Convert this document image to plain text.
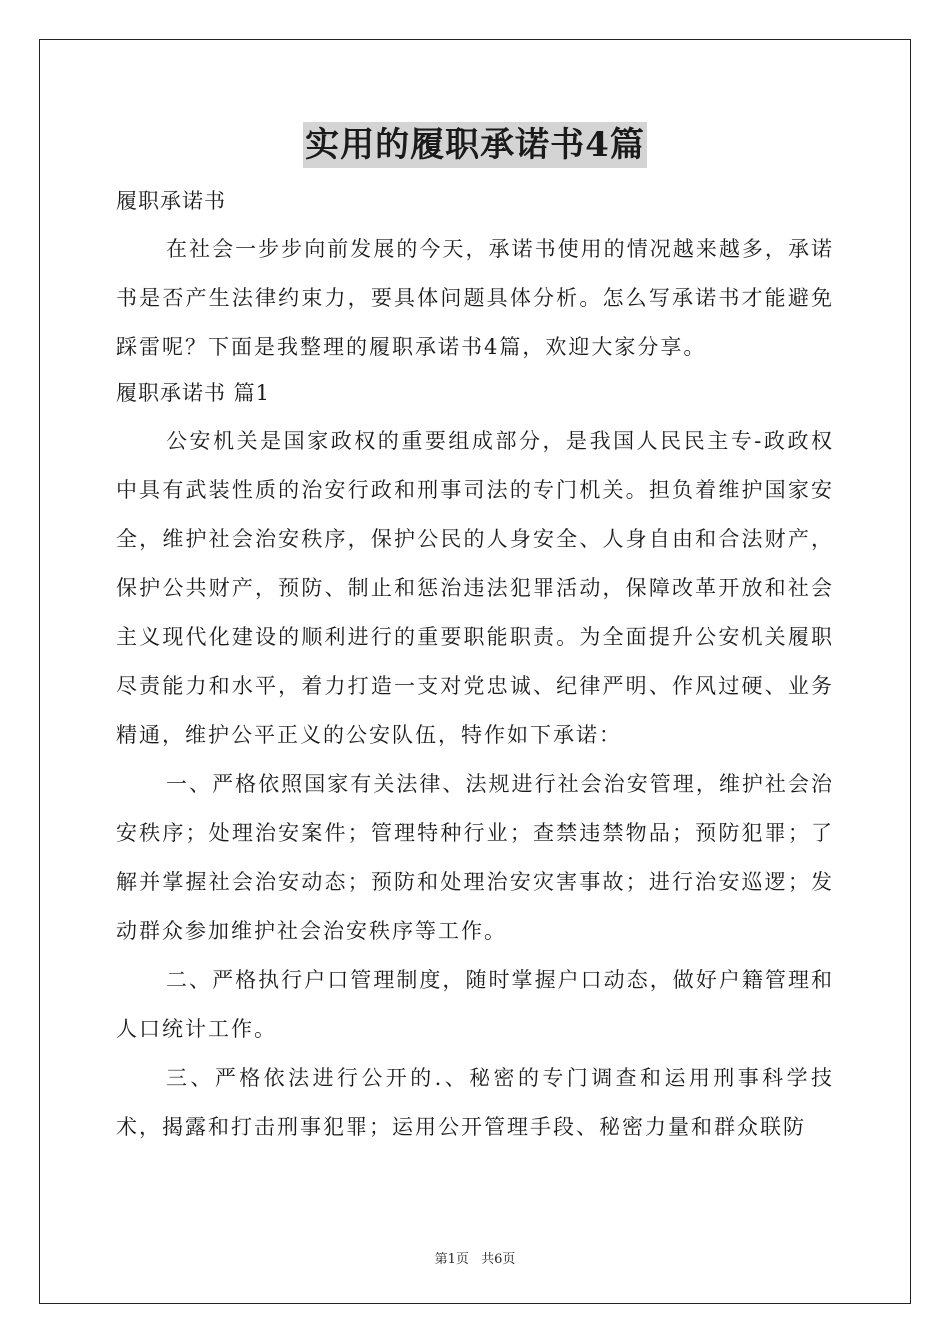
实用的履职承诺书4篇

履职承诺书

在社会一步步向前发展的今天，承诺书使用的情况越来越多，承诺书是否产生法律约束力，要具体问题具体分析。怎么写承诺书才能避免踩雷呢？下面是我整理的履职承诺书4篇，欢迎大家分享。

履职承诺书 篇1

公安机关是国家政权的重要组成部分，是我国人民民主专-政政权中具有武装性质的治安行政和刑事司法的专门机关。担负着维护国家安全，维护社会治安秩序，保护公民的人身安全、人身自由和合法财产，保护公共财产，预防、制止和惩治违法犯罪活动，保障改革开放和社会主义现代化建设的顺利进行的重要职能职责。为全面提升公安机关履职尽责能力和水平，着力打造一支对党忠诚、纪律严明、作风过硬、业务精通，维护公平正义的公安队伍，特作如下承诺：

一、严格依照国家有关法律、法规进行社会治安管理，维护社会治安秩序；处理治安案件；管理特种行业；查禁违禁物品；预防犯罪；了解并掌握社会治安动态；预防和处理治安灾害事故；进行治安巡逻；发动群众参加维护社会治安秩序等工作。

二、严格执行户口管理制度，随时掌握户口动态，做好户籍管理和人口统计工作。

三、严格依法进行公开的.、秘密的专门调查和运用刑事科学技术，揭露和打击刑事犯罪；运用公开管理手段、秘密力量和群众联防

第1页 共6页
